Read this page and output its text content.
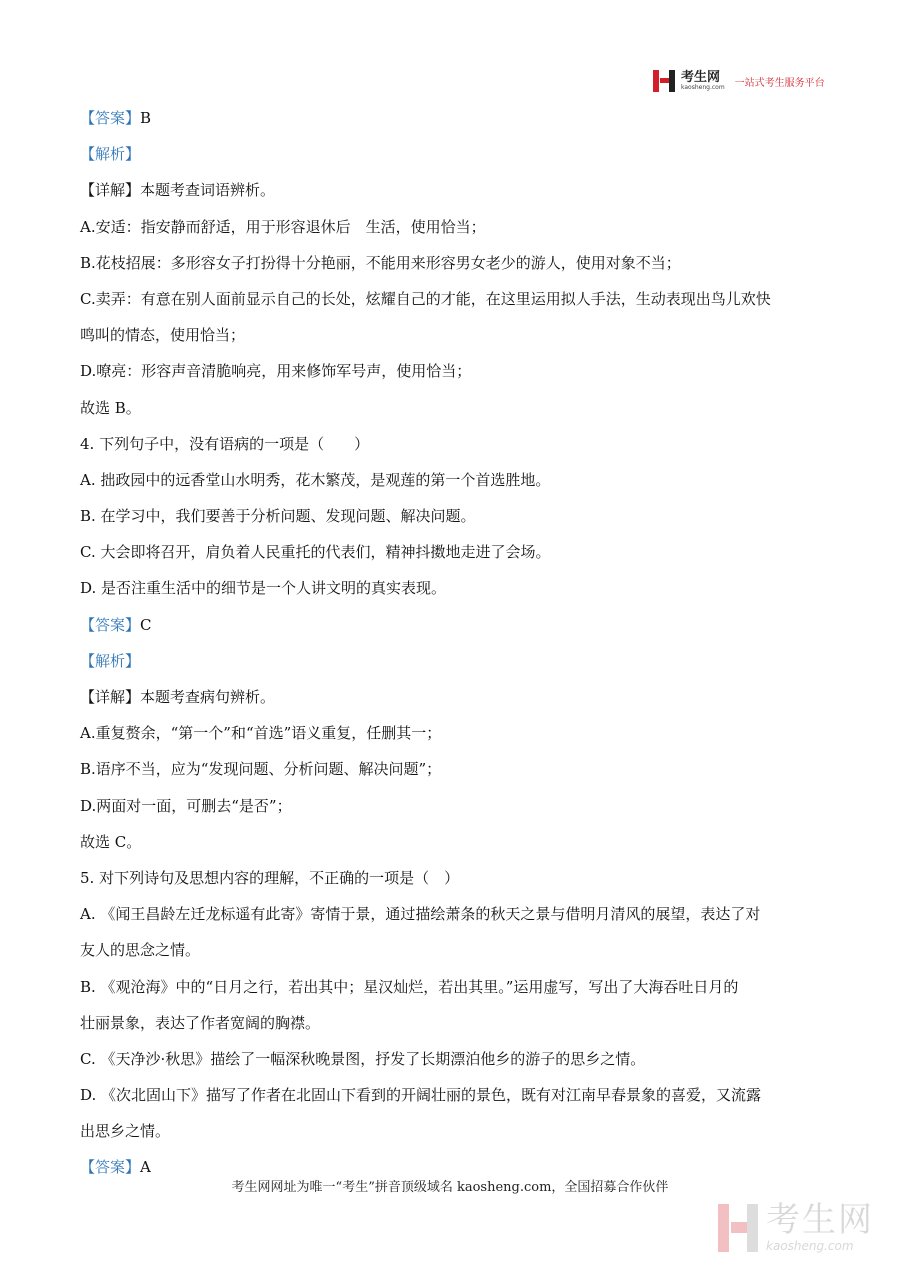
考生网
kaosheng.com 一站式考生服务平台
【答案】B
【解析】
【详解】本题考查词语辨析。
A.安适：指安静而舒适，用于形容退休后　生活，使用恰当；
B.花枝招展：多形容女子打扮得十分艳丽，不能用来形容男女老少的游人，使用对象不当；
C.卖弄：有意在别人面前显示自己的长处，炫耀自己的才能，在这里运用拟人手法，生动表现出鸟儿欢快
鸣叫的情态，使用恰当；
D.嘹亮：形容声音清脆响亮，用来修饰军号声，使用恰当；
故选 B。
4. 下列句子中，没有语病的一项是（　　）
A. 拙政园中的远香堂山水明秀，花木繁茂，是观莲的第一个首选胜地。
B. 在学习中，我们要善于分析问题、发现问题、解决问题。
C. 大会即将召开，肩负着人民重托的代表们，精神抖擞地走进了会场。
D. 是否注重生活中的细节是一个人讲文明的真实表现。
【答案】C
【解析】
【详解】本题考查病句辨析。
A.重复赘余，“第一个”和“首选”语义重复，任删其一；
B.语序不当，应为“发现问题、分析问题、解决问题”；
D.两面对一面，可删去“是否”；
故选 C。
5. 对下列诗句及思想内容的理解，不正确的一项是（　）
A. 《闻王昌龄左迁龙标遥有此寄》寄情于景，通过描绘萧条的秋天之景与借明月清风的展望，表达了对
友人的思念之情。
B. 《观沧海》中的“日月之行，若出其中；星汉灿烂，若出其里。”运用虚写，写出了大海吞吐日月的
壮丽景象，表达了作者宽阔的胸襟。
C. 《天净沙·秋思》描绘了一幅深秋晚景图，抒发了长期漂泊他乡的游子的思乡之情。
D. 《次北固山下》描写了作者在北固山下看到的开阔壮丽的景色，既有对江南早春景象的喜爱，又流露
出思乡之情。
【答案】A
考生网网址为唯一“考生”拼音顶级域名 kaosheng.com，全国招募合作伙伴
考生网
kaosheng.com
